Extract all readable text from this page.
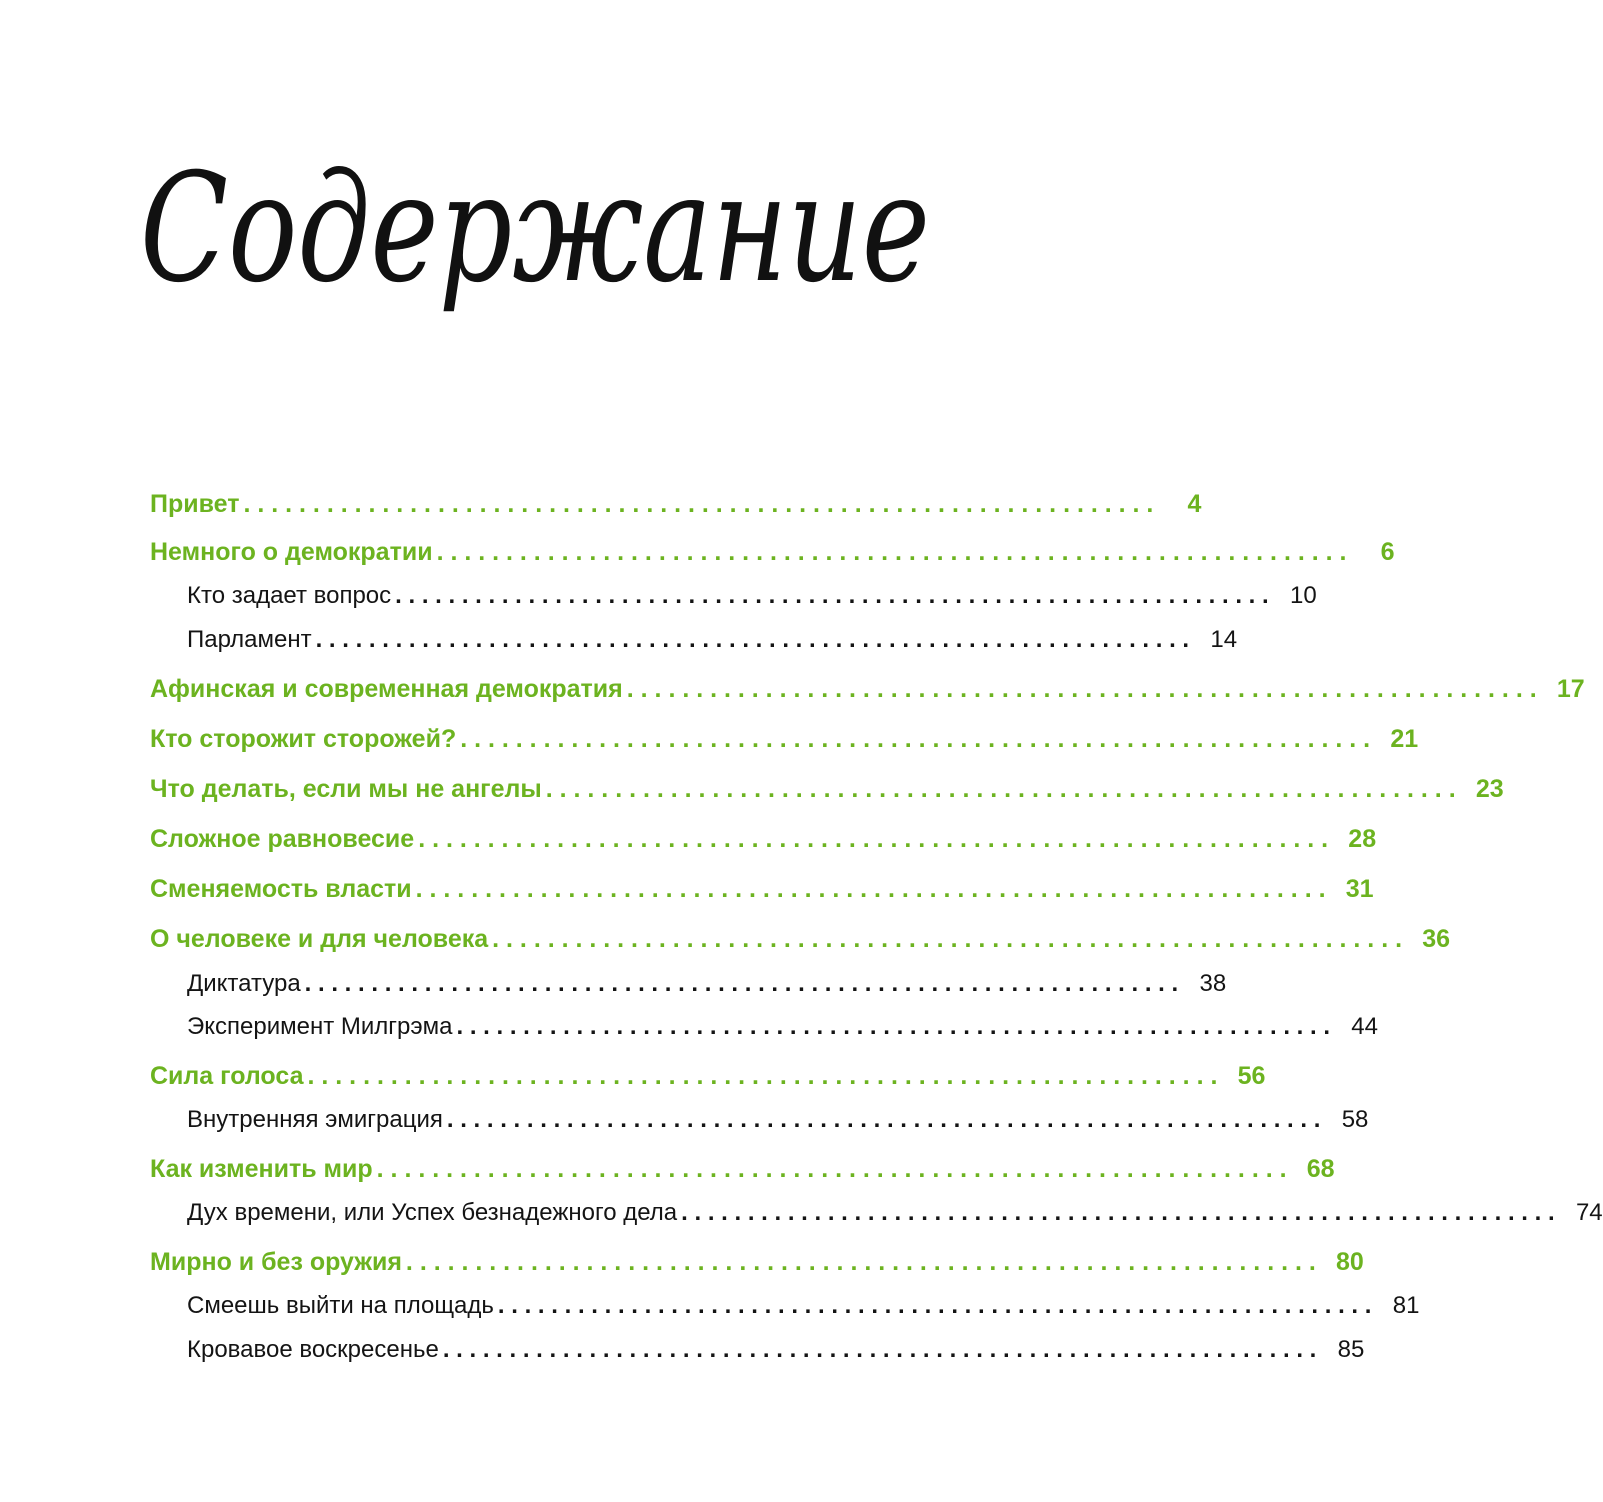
Содержание
Привет . . .	4
Немного о демократии . . .	6
Кто задает вопрос . . .	10
Парламент . . .	14
Афинская и современная демократия . . .	17
Кто сторожит сторожей? . . .	21
Что делать, если мы не ангелы . . .	23
Сложное равновесие . . .	28
Сменяемость власти . . .	31
О человеке и для человека . . .	36
Диктатура . . .	38
Эксперимент Милгрэма . . .	44
Сила голоса . . .	56
Внутренняя эмиграция . . .	58
Как изменить мир . . .	68
Дух времени, или Успех безнадежного дела . . .	74
Мирно и без оружия . . .	80
Смеешь выйти на площадь . . .	81
Кровавое воскресенье . . .	85
